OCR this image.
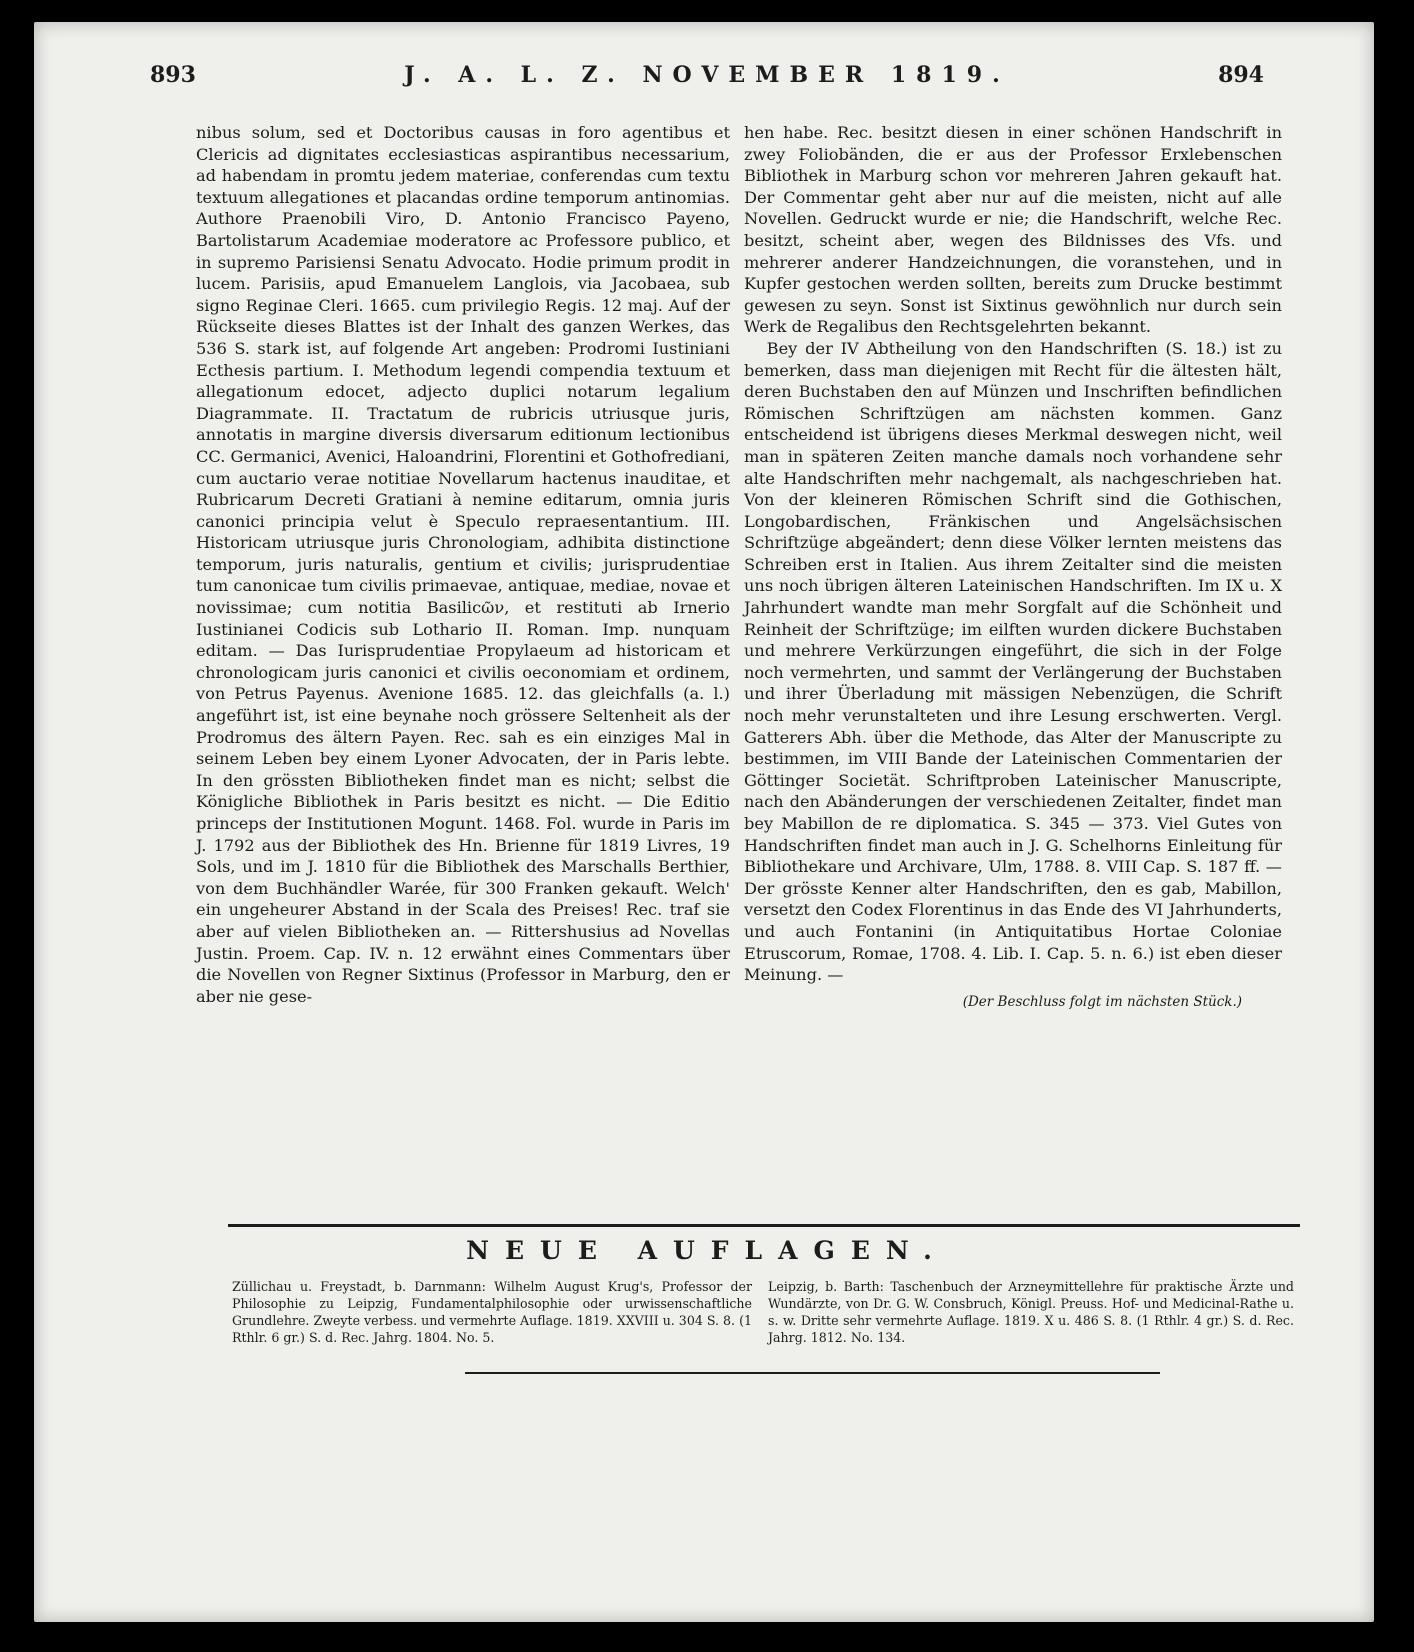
893	J. A. L. Z. NOVEMBER 1819.	894

nibus solum, sed et Doctoribus causas in foro agentibus et Clericis ad dignitates ecclesiasticas aspirantibus necessarium, ad habendam in promtu jedem materiae, conferendas cum textu textuum allegationes et placandas ordine temporum antinomias. Authore Praenobili Viro, D. Antonio Francisco Payeno, Bartolistarum Academiae moderatore ac Professore publico, et in supremo Parisiensi Senatu Advocato. Hodie primum prodit in lucem. Parisiis, apud Emanuelem Langlois, via Jacobaea, sub signo Reginae Cleri. 1665. cum privilegio Regis. 12 maj. Auf der Rückseite dieses Blattes ist der Inhalt des ganzen Werkes, das 536 S. stark ist, auf folgende Art angeben: Prodromi Iustiniani Ecthesis partium. I. Methodum legendi compendia textuum et allegationum edocet, adjecto duplici notarum legalium Diagrammate. II. Tractatum de rubricis utriusque juris, annotatis in margine diversis diversarum editionum lectionibus CC. Germanici, Avenici, Haloandrini, Florentini et Gothofrediani, cum auctario verae notitiae Novellarum hactenus inauditae, et Rubricarum Decreti Gratiani à nemine editarum, omnia juris canonici principia velut è Speculo repraesentantium. III. Historicam utriusque juris Chronologiam, adhibita distinctione temporum, juris naturalis, gentium et civilis; jurisprudentiae tum canonicae tum civilis primaevae, antiquae, mediae, novae et novissimae; cum notitia Basilicῶν, et restituti ab Irnerio Iustinianei Codicis sub Lothario II. Roman. Imp. nunquam editam. — Das Iurisprudentiae Propylaeum ad historicam et chronologicam juris canonici et civilis oeconomiam et ordinem, von Petrus Payenus. Avenione 1685. 12. das gleichfalls (a. l.) angeführt ist, ist eine beynahe noch grössere Seltenheit als der Prodromus des ältern Payen. Rec. sah es ein einziges Mal in seinem Leben bey einem Lyoner Advocaten, der in Paris lebte. In den grössten Bibliotheken findet man es nicht; selbst die Königliche Bibliothek in Paris besitzt es nicht. — Die Editio princeps der Institutionen Mogunt. 1468. Fol. wurde in Paris im J. 1792 aus der Bibliothek des Hn. Brienne für 1819 Livres, 19 Sols, und im J. 1810 für die Bibliothek des Marschalls Berthier, von dem Buchhändler Warée, für 300 Franken gekauft. Welch' ein ungeheurer Abstand in der Scala des Preises! Rec. traf sie aber auf vielen Bibliotheken an. — Rittershusius ad Novellas Justin. Proem. Cap. IV. n. 12 erwähnt eines Commentars über die Novellen von Regner Sixtinus (Professor in Marburg, den er aber nie gese-

hen habe. Rec. besitzt diesen in einer schönen Handschrift in zwey Foliobänden, die er aus der Professor Erxlebenschen Bibliothek in Marburg schon vor mehreren Jahren gekauft hat. Der Commentar geht aber nur auf die meisten, nicht auf alle Novellen. Gedruckt wurde er nie; die Handschrift, welche Rec. besitzt, scheint aber, wegen des Bildnisses des Vfs. und mehrerer anderer Handzeichnungen, die voranstehen, und in Kupfer gestochen werden sollten, bereits zum Drucke bestimmt gewesen zu seyn. Sonst ist Sixtinus gewöhnlich nur durch sein Werk de Regalibus den Rechtsgelehrten bekannt.

Bey der IV Abtheilung von den Handschriften (S. 18.) ist zu bemerken, dass man diejenigen mit Recht für die ältesten hält, deren Buchstaben den auf Münzen und Inschriften befindlichen Römischen Schriftzügen am nächsten kommen. Ganz entscheidend ist übrigens dieses Merkmal deswegen nicht, weil man in späteren Zeiten manche damals noch vorhandene sehr alte Handschriften mehr nachgemalt, als nachgeschrieben hat. Von der kleineren Römischen Schrift sind die Gothischen, Longobardischen, Fränkischen und Angelsächsischen Schriftzüge abgeändert; denn diese Völker lernten meistens das Schreiben erst in Italien. Aus ihrem Zeitalter sind die meisten uns noch übrigen älteren Lateinischen Handschriften. Im IX u. X Jahrhundert wandte man mehr Sorgfalt auf die Schönheit und Reinheit der Schriftzüge; im eilften wurden dickere Buchstaben und mehrere Verkürzungen eingeführt, die sich in der Folge noch vermehrten, und sammt der Verlängerung der Buchstaben und ihrer Überladung mit mässigen Nebenzügen, die Schrift noch mehr verunstalteten und ihre Lesung erschwerten. Vergl. Gatterers Abh. über die Methode, das Alter der Manuscripte zu bestimmen, im VIII Bande der Lateinischen Commentarien der Göttinger Societät. Schriftproben Lateinischer Manuscripte, nach den Abänderungen der verschiedenen Zeitalter, findet man bey Mabillon de re diplomatica. S. 345 — 373. Viel Gutes von Handschriften findet man auch in J. G. Schelhorns Einleitung für Bibliothekare und Archivare, Ulm, 1788. 8. VIII Cap. S. 187 ff. — Der grösste Kenner alter Handschriften, den es gab, Mabillon, versetzt den Codex Florentinus in das Ende des VI Jahrhunderts, und auch Fontanini (in Antiquitatibus Hortae Coloniae Etruscorum, Romae, 1708. 4. Lib. I. Cap. 5. n. 6.) ist eben dieser Meinung. —

(Der Beschluss folgt im nächsten Stück.)
NEUE AUFLAGEN.
Züllichau u. Freystadt, b. Darnmann: Wilhelm August Krug's, Professor der Philosophie zu Leipzig, Fundamentalphilosophie oder urwissenschaftliche Grundlehre. Zweyte verbess. und vermehrte Auflage. 1819. XXVIII u. 304 S. 8. (1 Rthlr. 6 gr.) S. d. Rec. Jahrg. 1804. No. 5.
Leipzig, b. Barth: Taschenbuch der Arzneymittellehre für praktische Ärzte und Wundärzte, von Dr. G. W. Consbruch, Königl. Preuss. Hof- und Medicinal-Rathe u. s. w. Dritte sehr vermehrte Auflage. 1819. X u. 486 S. 8. (1 Rthlr. 4 gr.) S. d. Rec. Jahrg. 1812. No. 134.
